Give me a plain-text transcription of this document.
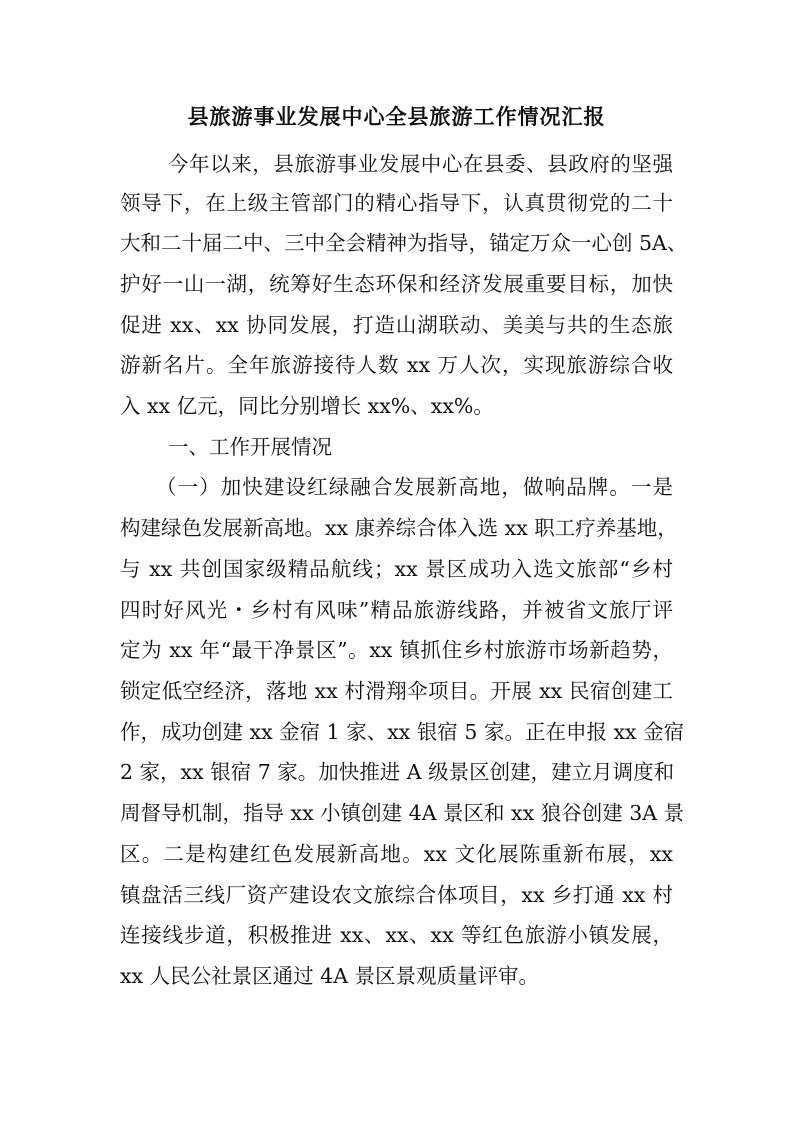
县旅游事业发展中心全县旅游工作情况汇报
今年以来，县旅游事业发展中心在县委、县政府的坚强
领导下，在上级主管部门的精心指导下，认真贯彻党的二十
大和二十届二中、三中全会精神为指导，锚定万众一心创 5A、
护好一山一湖，统筹好生态环保和经济发展重要目标，加快
促进 xx、xx 协同发展，打造山湖联动、美美与共的生态旅
游新名片。全年旅游接待人数 xx 万人次，实现旅游综合收
入 xx 亿元，同比分别增长 xx%、xx%。
一、工作开展情况
（一）加快建设红绿融合发展新高地，做响品牌。一是
构建绿色发展新高地。xx 康养综合体入选 xx 职工疗养基地，
与 xx 共创国家级精品航线；xx 景区成功入选文旅部“乡村
四时好风光・乡村有风味”精品旅游线路，并被省文旅厅评
定为 xx 年“最干净景区”。xx 镇抓住乡村旅游市场新趋势，
锁定低空经济，落地 xx 村滑翔伞项目。开展 xx 民宿创建工
作，成功创建 xx 金宿 1 家、xx 银宿 5 家。正在申报 xx 金宿
2 家，xx 银宿 7 家。加快推进 A 级景区创建，建立月调度和
周督导机制，指导 xx 小镇创建 4A 景区和 xx 狼谷创建 3A 景
区。二是构建红色发展新高地。xx 文化展陈重新布展，xx
镇盘活三线厂资产建设农文旅综合体项目，xx 乡打通 xx 村
连接线步道，积极推进 xx、xx、xx 等红色旅游小镇发展，
xx 人民公社景区通过 4A 景区景观质量评审。
